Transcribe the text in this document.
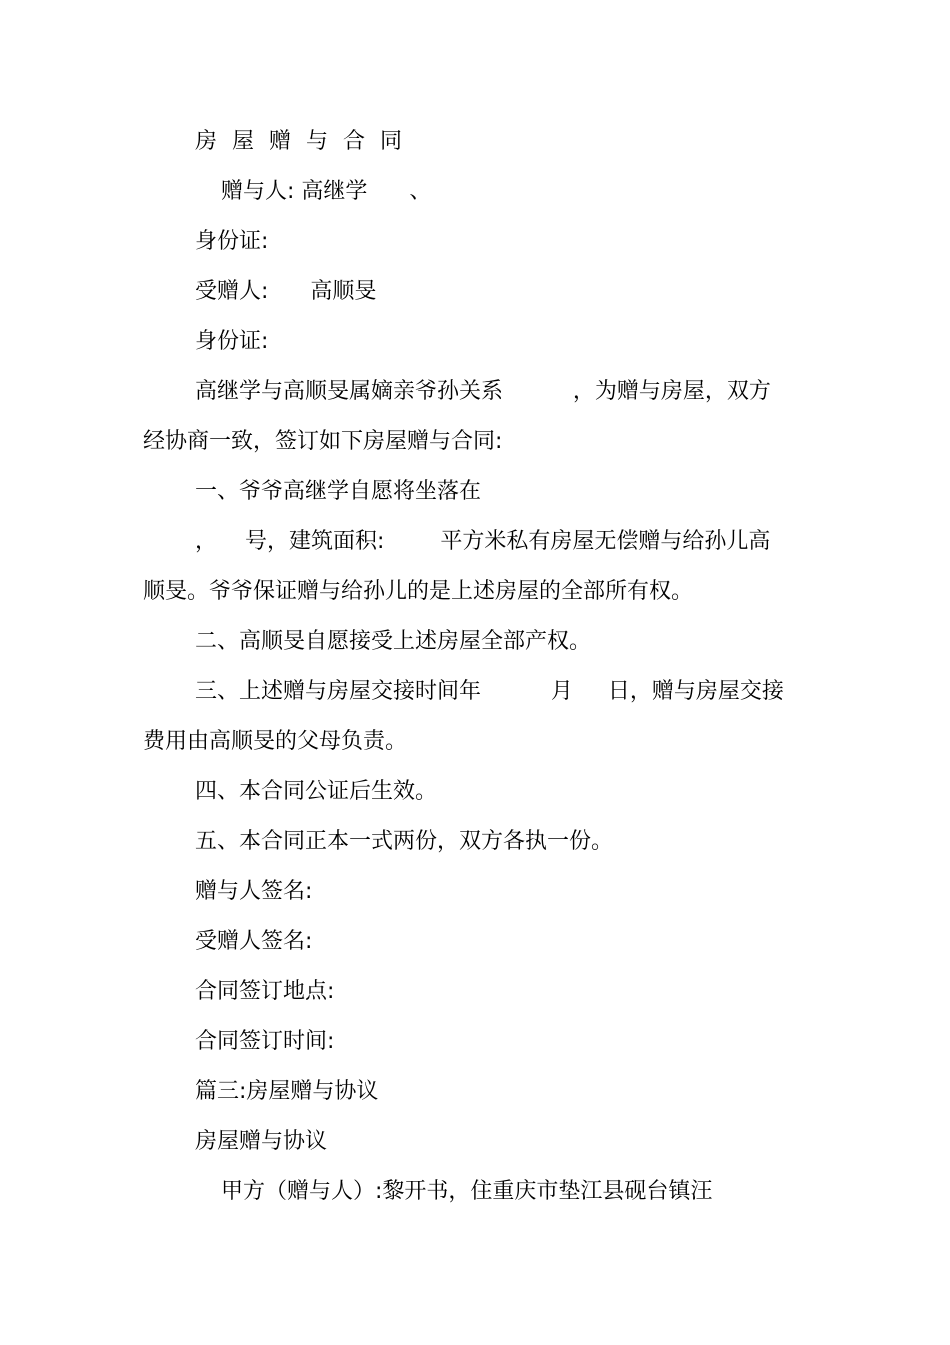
房屋赠与合同

赠与人: 高继学      、

身份证:

受赠人:      高顺旻

身份证:

高继学与高顺旻属嫡亲爷孙关系          ，为赠与房屋，双方

经协商一致，签订如下房屋赠与合同:

一、爷爷高继学自愿将坐落在

，    号，建筑面积:        平方米私有房屋无偿赠与给孙儿高

顺旻。爷爷保证赠与给孙儿的是上述房屋的全部所有权。

二、高顺旻自愿接受上述房屋全部产权。

三、上述赠与房屋交接时间年          月     日，赠与房屋交接

费用由高顺旻的父母负责。

四、本合同公证后生效。

五、本合同正本一式两份，双方各执一份。

赠与人签名:

受赠人签名:

合同签订地点:

合同签订时间:

篇三:房屋赠与协议

房屋赠与协议

甲方（赠与人）:黎开书，住重庆市垫江县砚台镇汪
